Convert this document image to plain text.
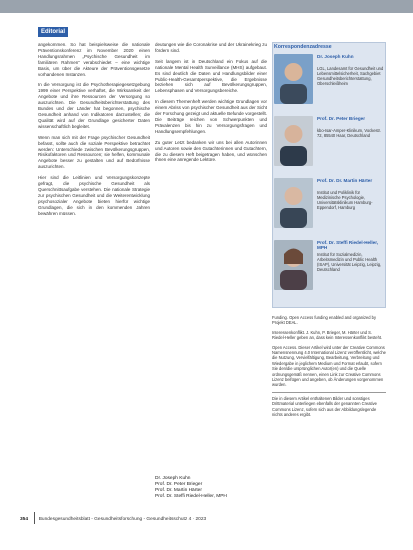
Editorial

angekommen. So hat beispielsweise die nationale Präventionskonferenz im November 2020 einen Handlungsrahmen „Psychische Gesundheit im familiären Rahmen“ verabschiedet – eine wichtige Basis, um über die Akteure der Präventionsgesetze vorhandenen Instanzen.

In die Versorgung ist die Psychotherapiegesetzgebung 1999 einer Perspektive verhaftet, die Wirksamkeit der Angebote und ihre Ressourcen der Versorgung so auszurichten. Die Gesundheitsberichterstattung des Bundes und der Länder hat begonnen, psychische Gesundheit anhand von Indikatoren darzustellen; die Qualität wird auf der Grundlage gesicherter Daten wissenschaftlich begleitet.

Wenn man sich mit der Frage psychischer Gesundheit befasst, sollte auch die soziale Perspektive betrachtet werden: Unterschiede zwischen Bevölkerungsgruppen, Risikofaktoren und Ressourcen; sie helfen, kommunale Angebote besser zu gestalten und auf Bedürfnisse auszurichten.

Hier sind die Leitlinien und Versorgungskonzepte gefragt, die psychische Gesundheit als Querschnittsaufgabe verstehen. Die nationale Strategie zur psychischen Gesundheit und die Weiterentwicklung psychosozialer Angebote bieten hierfür wichtige Grundlagen, die sich in den kommenden Jahren bewähren müssen.

deutungen wie die Coronakrise und der Ukrainekrieg zu fördern sind.

Seit langem ist in Deutschland ein Fokus auf die nationale Mental Health Surveillance (MHS) aufgebaut. Es sind deutlich die Daten und Handlungsbilder einer Public-Health-Gesamtperspektive, die Ergebnisse beziehen sich auf Bevölkerungsgruppen, Lebensphasen und Versorgungsbereiche.

In diesem Themenheft werden wichtige Grundlagen vor einem Abriss von psychischer Gesundheit aus der Sicht der Forschung gezeigt und aktuelle Befunde vorgestellt. Die Beiträge reichen von Schwerpunkten und Prävalenzen bis hin zu Versorgungsfragen und Handlungsempfehlungen.

Zu guter Letzt bedanken wir uns bei allen Autorinnen und Autoren sowie den Gutachterinnen und Gutachtern, die zu diesem Heft beigetragen haben, und wünschen Ihnen eine anregende Lektüre.

Dr. Joseph Kuhn
Prof. Dr. Peter Brieger
Prof. Dr. Martin Härter
Prof. Dr. Steffi Riedel-Heller, MPH
Korrespondenzadresse
Dr. Joseph Kuhn
LGL, Landesamt für Gesundheit und Lebensmittelsicherheit, Sachgebiet Gesundheitsberichterstattung, Oberschleißheim
Prof. Dr. Peter Brieger
kbo-Isar-Amper-Klinikum, Vockestr. 72, 85540 Haar, Deutschland
Prof. Dr. Dr. Martin Härter
Institut und Poliklinik für Medizinische Psychologie, Universitätsklinikum Hamburg-Eppendorf, Hamburg
Prof. Dr. Steffi Riedel-Heller, MPH
Institut für Sozialmedizin, Arbeitsmedizin und Public Health (ISAP), Universität Leipzig, Leipzig, Deutschland

Funding. Open Access funding enabled and organized by Projekt DEAL.

Interessenkonflikt. J. Kuhn, P. Brieger, M. Härter und S. Riedel-Heller geben an, dass kein Interessenkonflikt besteht.

Open Access. Dieser Artikel wird unter der Creative Commons Namensnennung 4.0 International Lizenz veröffentlicht, welche die Nutzung, Vervielfältigung, Bearbeitung, Verbreitung und Wiedergabe in jeglichem Medium und Format erlaubt, sofern Sie den/die ursprünglichen Autor(en) und die Quelle ordnungsgemäß nennen, einen Link zur Creative Commons Lizenz beifügen und angeben, ob Änderungen vorgenommen wurden.

Die in diesem Artikel enthaltenen Bilder und sonstiges Drittmaterial unterliegen ebenfalls der genannten Creative Commons Lizenz, sofern sich aus der Abbildungslegende nichts anderes ergibt.

354 Bundesgesundheitsblatt - Gesundheitsforschung - Gesundheitsschutz 4 · 2023
